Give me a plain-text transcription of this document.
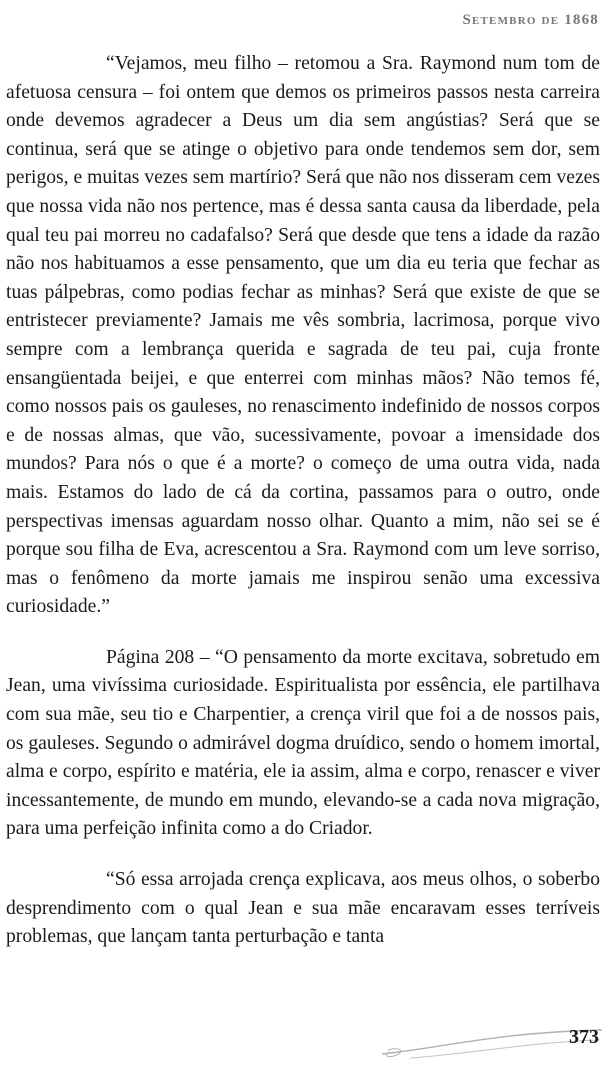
Setembro de 1868

“Vejamos, meu filho – retomou a Sra. Raymond num tom de afetuosa censura – foi ontem que demos os primeiros passos nesta carreira onde devemos agradecer a Deus um dia sem angústias? Será que se continua, será que se atinge o objetivo para onde tendemos sem dor, sem perigos, e muitas vezes sem martírio? Será que não nos disseram cem vezes que nossa vida não nos pertence, mas é dessa santa causa da liberdade, pela qual teu pai morreu no cadafalso? Será que desde que tens a idade da razão não nos habituamos a esse pensamento, que um dia eu teria que fechar as tuas pálpebras, como podias fechar as minhas? Será que existe de que se entristecer previamente? Jamais me vês sombria, lacrimosa, porque vivo sempre com a lembrança querida e sagrada de teu pai, cuja fronte ensangüentada beijei, e que enterrei com minhas mãos? Não temos fé, como nossos pais os gauleses, no renascimento indefinido de nossos corpos e de nossas almas, que vão, sucessivamente, povoar a imensidade dos mundos? Para nós o que é a morte? o começo de uma outra vida, nada mais. Estamos do lado de cá da cortina, passamos para o outro, onde perspectivas imensas aguardam nosso olhar. Quanto a mim, não sei se é porque sou filha de Eva, acrescentou a Sra. Raymond com um leve sorriso, mas o fenômeno da morte jamais me inspirou senão uma excessiva curiosidade.”

Página 208 – “O pensamento da morte excitava, sobretudo em Jean, uma vivíssima curiosidade. Espiritualista por essência, ele partilhava com sua mãe, seu tio e Charpentier, a crença viril que foi a de nossos pais, os gauleses. Segundo o admirável dogma druídico, sendo o homem imortal, alma e corpo, espírito e matéria, ele ia assim, alma e corpo, renascer e viver incessantemente, de mundo em mundo, elevando-se a cada nova migração, para uma perfeição infinita como a do Criador.

“Só essa arrojada crença explicava, aos meus olhos, o soberbo desprendimento com o qual Jean e sua mãe encaravam esses terríveis problemas, que lançam tanta perturbação e tanta

373
